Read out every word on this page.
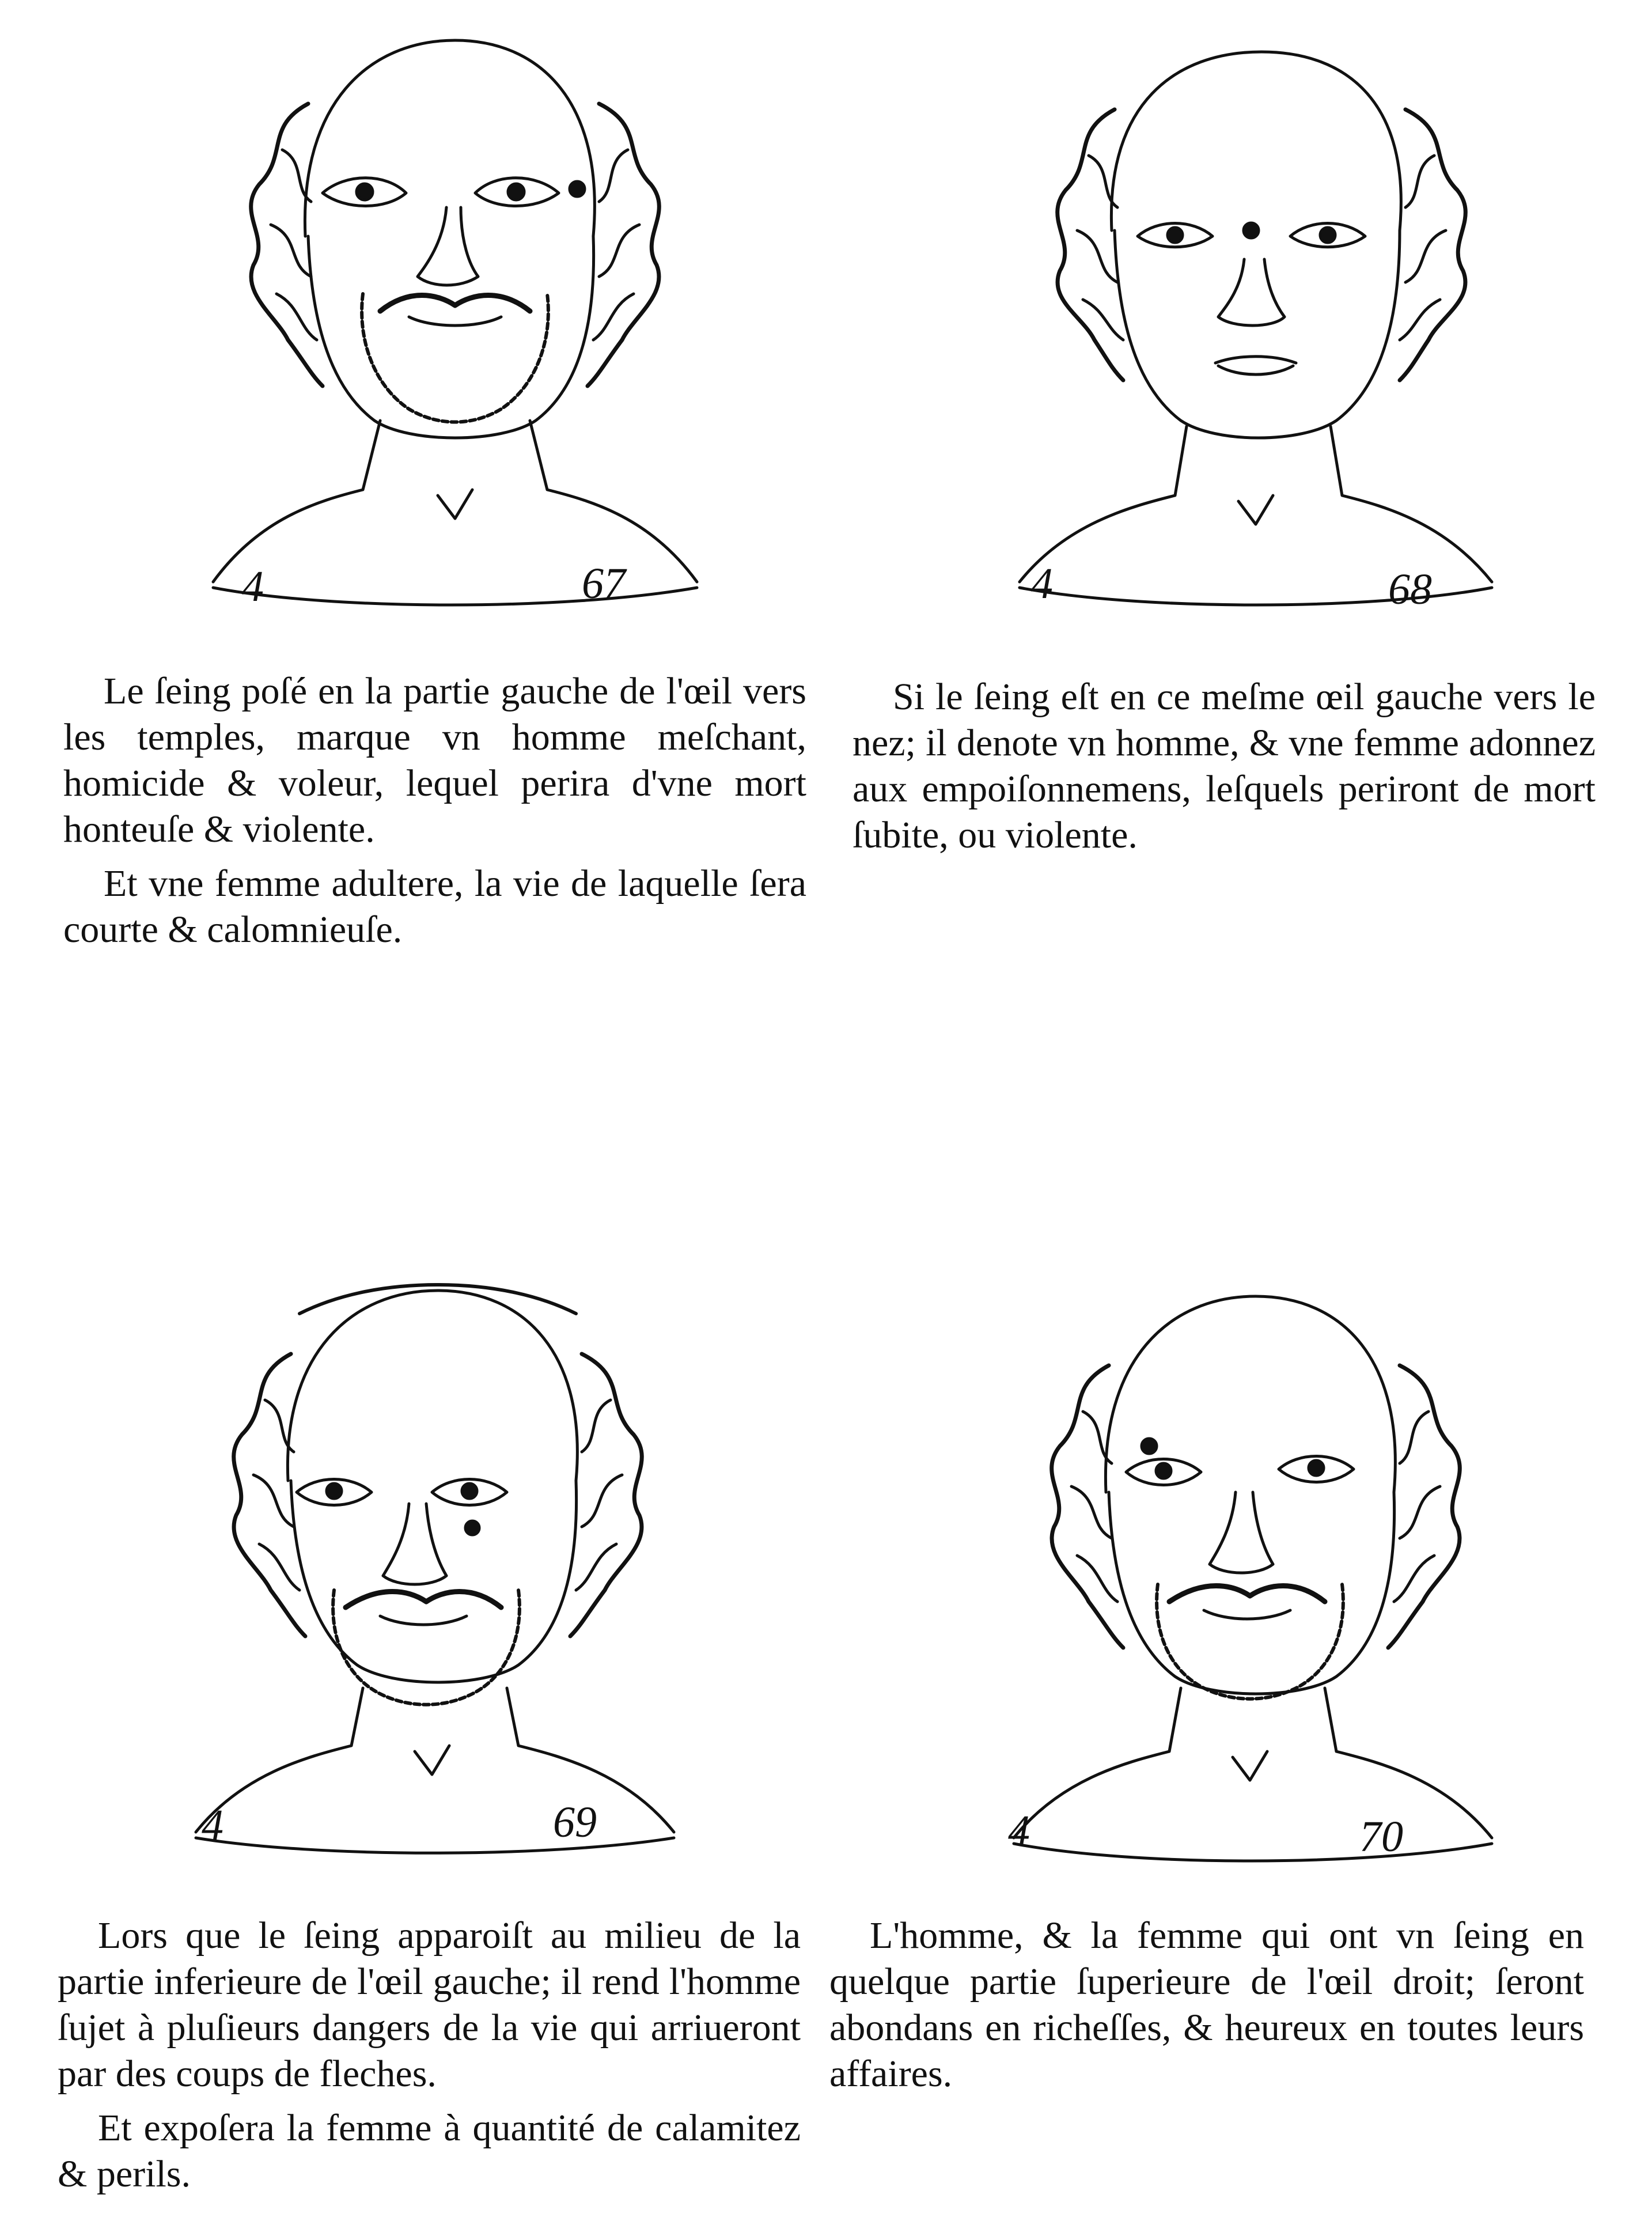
4	67	4	68

Le ſeing poſé en la partie gauche de l'œil vers les temples, marque vn homme meſchant, homicide & voleur, lequel perira d'vne mort honteuſe & violente.

Et vne femme adultere, la vie de laquelle ſera courte & calomnieuſe.

Si le ſeing eſt en ce meſme œil gauche vers le nez; il denote vn homme, & vne femme adonnez aux empoiſonnemens, leſquels periront de mort ſubite, ou violente.

4	69	4	70

Lors que le ſeing apparoiſt au milieu de la partie inferieure de l'œil gauche; il rend l'homme ſujet à pluſieurs dangers de la vie qui arriueront par des coups de fleches.

Et expoſera la femme à quantité de calamitez & perils.

L'homme, & la femme qui ont vn ſeing en quelque partie ſuperieure de l'œil droit; ſeront abondans en richeſſes, & heureux en toutes leurs affaires.
